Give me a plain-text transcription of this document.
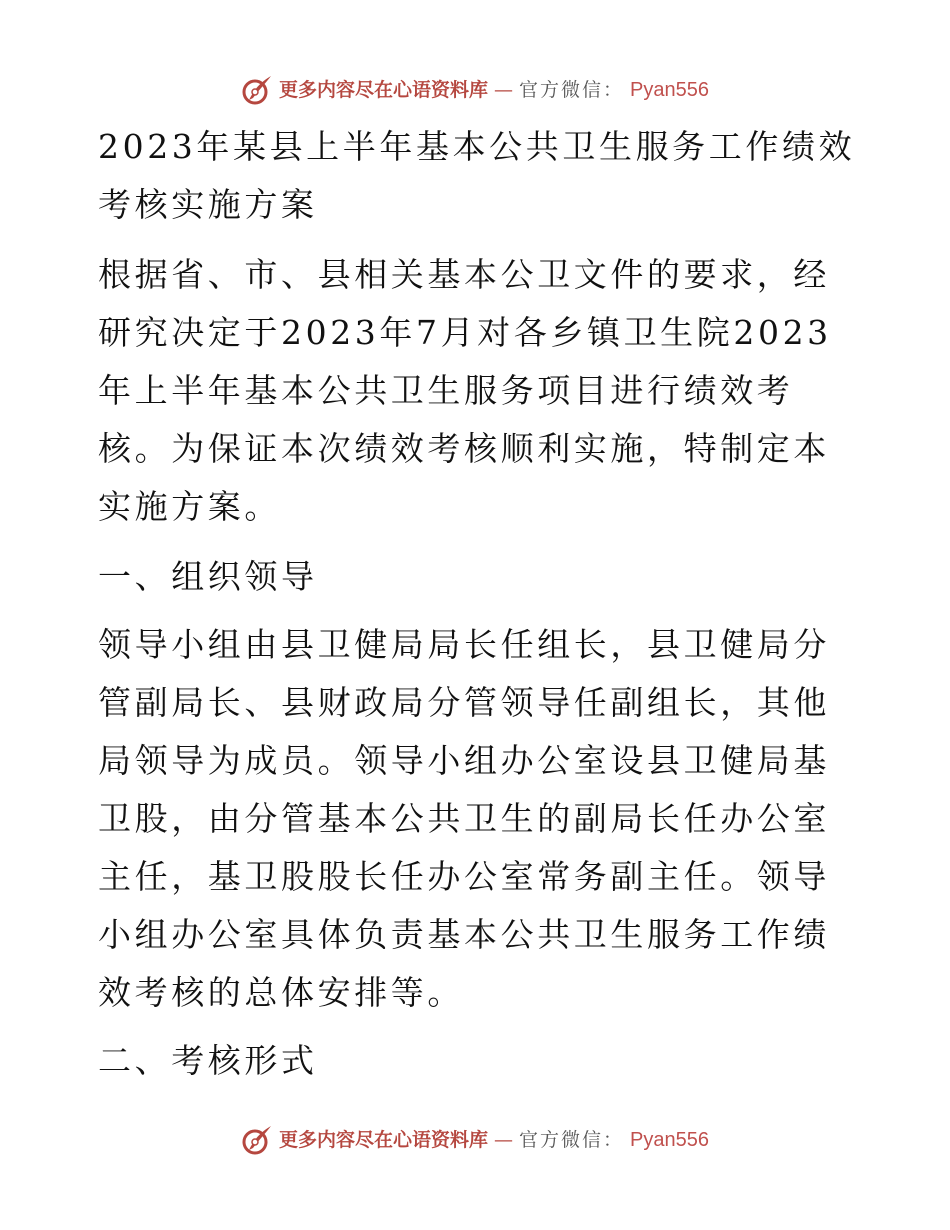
更多内容尽在心语资料库 — 官方微信： Pyan556

2023年某县上半年基本公共卫生服务工作绩效考核实施方案

根据省、市、县相关基本公卫文件的要求，经研究决定于2023年7月对各乡镇卫生院2023年上半年基本公共卫生服务项目进行绩效考核。为保证本次绩效考核顺利实施，特制定本实施方案。

一、组织领导

领导小组由县卫健局局长任组长，县卫健局分管副局长、县财政局分管领导任副组长，其他局领导为成员。领导小组办公室设县卫健局基卫股，由分管基本公共卫生的副局长任办公室主任，基卫股股长任办公室常务副主任。领导小组办公室具体负责基本公共卫生服务工作绩效考核的总体安排等。

二、考核形式

更多内容尽在心语资料库 — 官方微信： Pyan556
